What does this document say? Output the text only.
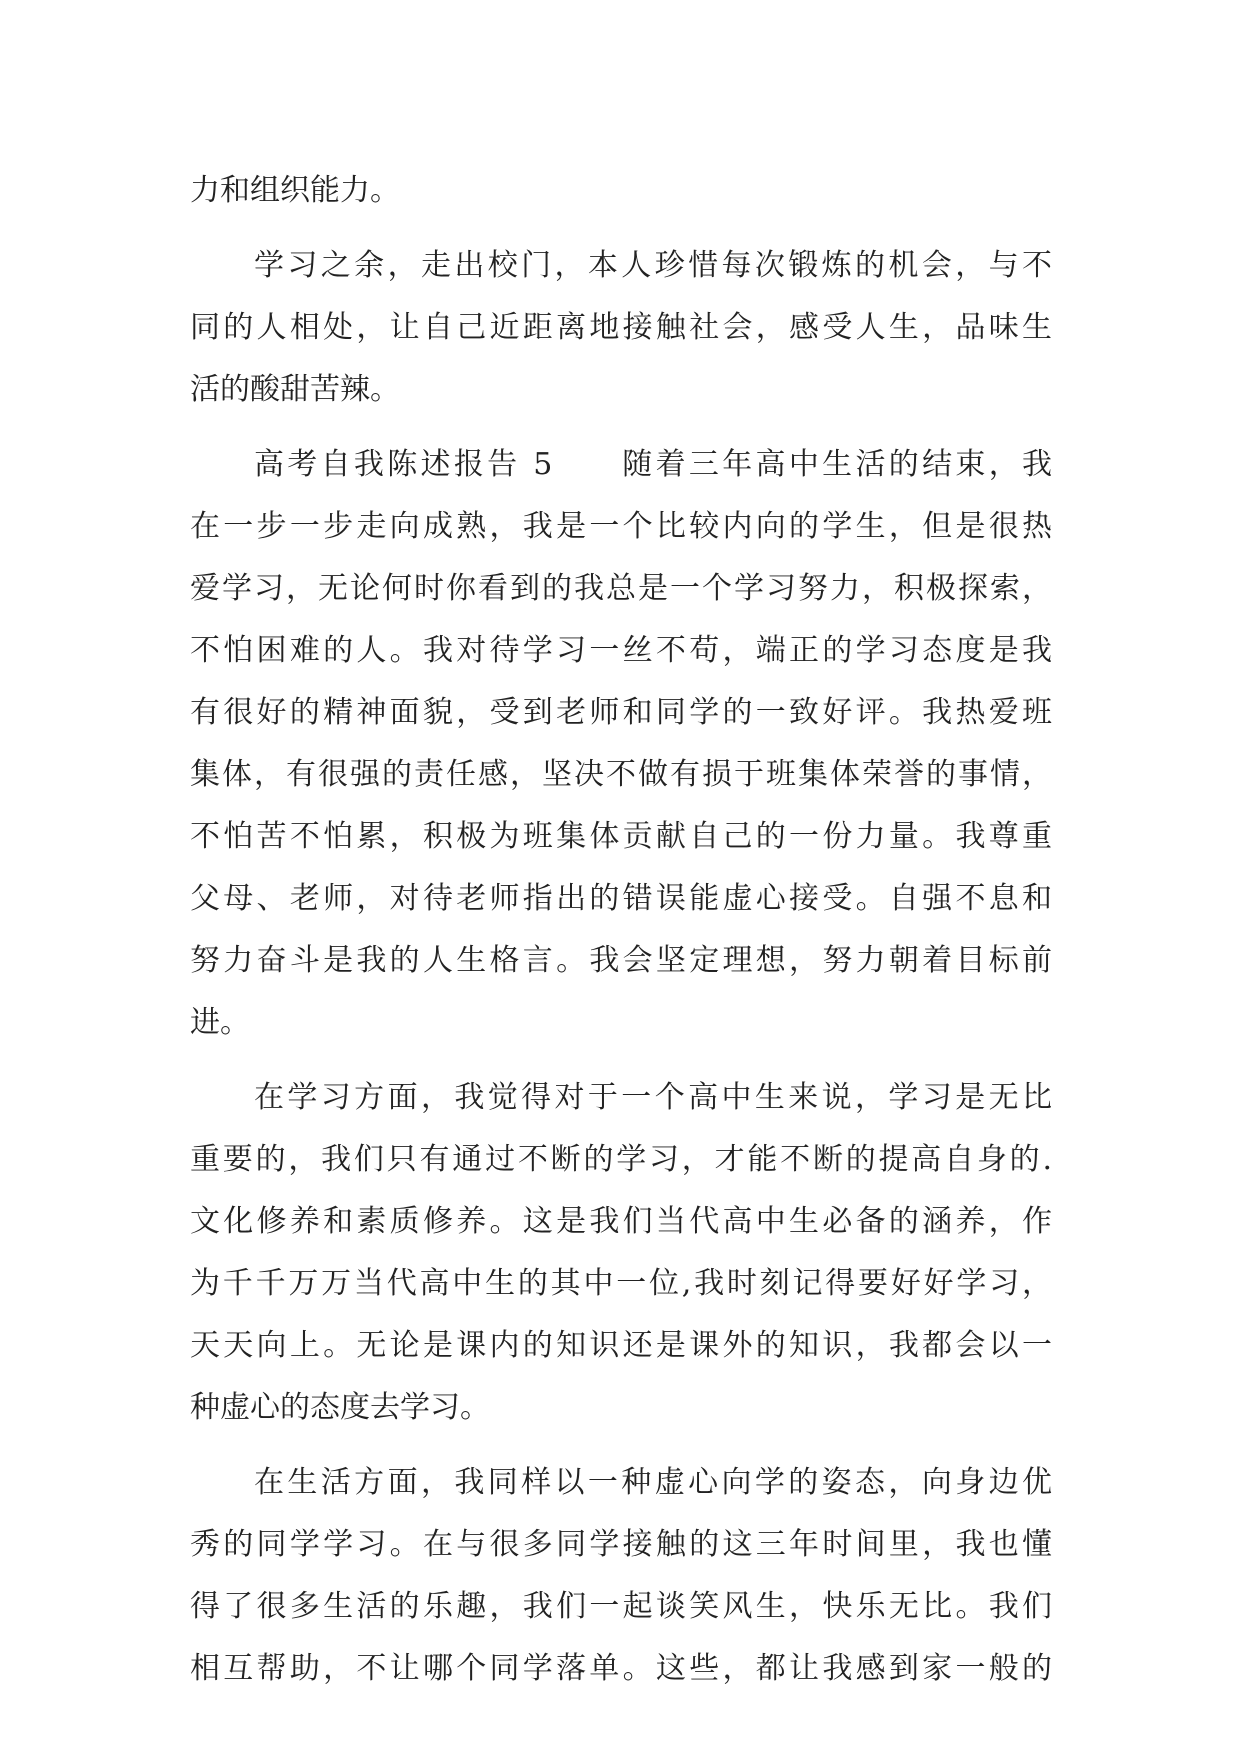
力和组织能力。
学习之余，走出校门，本人珍惜每次锻炼的机会，与不
同的人相处，让自己近距离地接触社会，感受人生，品味生
活的酸甜苦辣。
高考自我陈述报告 5　　随着三年高中生活的结束，我
在一步一步走向成熟，我是一个比较内向的学生，但是很热
爱学习，无论何时你看到的我总是一个学习努力，积极探索，
不怕困难的人。我对待学习一丝不苟，端正的学习态度是我
有很好的精神面貌，受到老师和同学的一致好评。我热爱班
集体，有很强的责任感，坚决不做有损于班集体荣誉的事情，
不怕苦不怕累，积极为班集体贡献自己的一份力量。我尊重
父母、老师，对待老师指出的错误能虚心接受。自强不息和
努力奋斗是我的人生格言。我会坚定理想，努力朝着目标前
进。
在学习方面，我觉得对于一个高中生来说，学习是无比
重要的，我们只有通过不断的学习，才能不断的提高自身的.
文化修养和素质修养。这是我们当代高中生必备的涵养，作
为千千万万当代高中生的其中一位,我时刻记得要好好学习，
天天向上。无论是课内的知识还是课外的知识，我都会以一
种虚心的态度去学习。
在生活方面，我同样以一种虚心向学的姿态，向身边优
秀的同学学习。在与很多同学接触的这三年时间里，我也懂
得了很多生活的乐趣，我们一起谈笑风生，快乐无比。我们
相互帮助，不让哪个同学落单。这些，都让我感到家一般的
